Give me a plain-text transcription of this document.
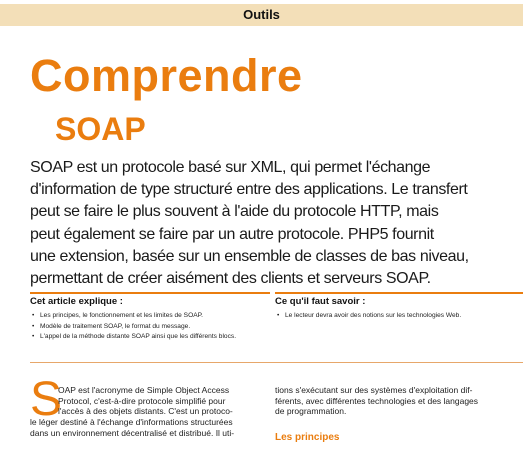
Outils
Comprendre
SOAP
SOAP est un protocole basé sur XML, qui permet l'échange
d'information de type structuré entre des applications. Le transfert
peut se faire le plus souvent à l'aide du protocole HTTP, mais
peut également se faire par un autre protocole. PHP5 fournit
une extension, basée sur un ensemble de classes de bas niveau,
permettant de créer aisément des clients et serveurs SOAP.
Cet article explique :
• Les principes, le fonctionnement et les limites de SOAP.
• Modèle de traitement SOAP, le format du message.
• L'appel de la méthode distante SOAP ainsi que les différents blocs.
Ce qu'il faut savoir :
• Le lecteur devra avoir des notions sur les technologies Web.
S
OAP est l'acronyme de Simple Object Access
Protocol, c'est-à-dire protocole simplifié pour
l'accès à des objets distants. C'est un protoco-
le léger destiné à l'échange d'informations structurées
dans un environnement décentralisé et distribué. Il uti-
tions s'exécutant sur des systèmes d'exploitation dif-
férents, avec différentes technologies et des langages
de programmation.
Les principes
